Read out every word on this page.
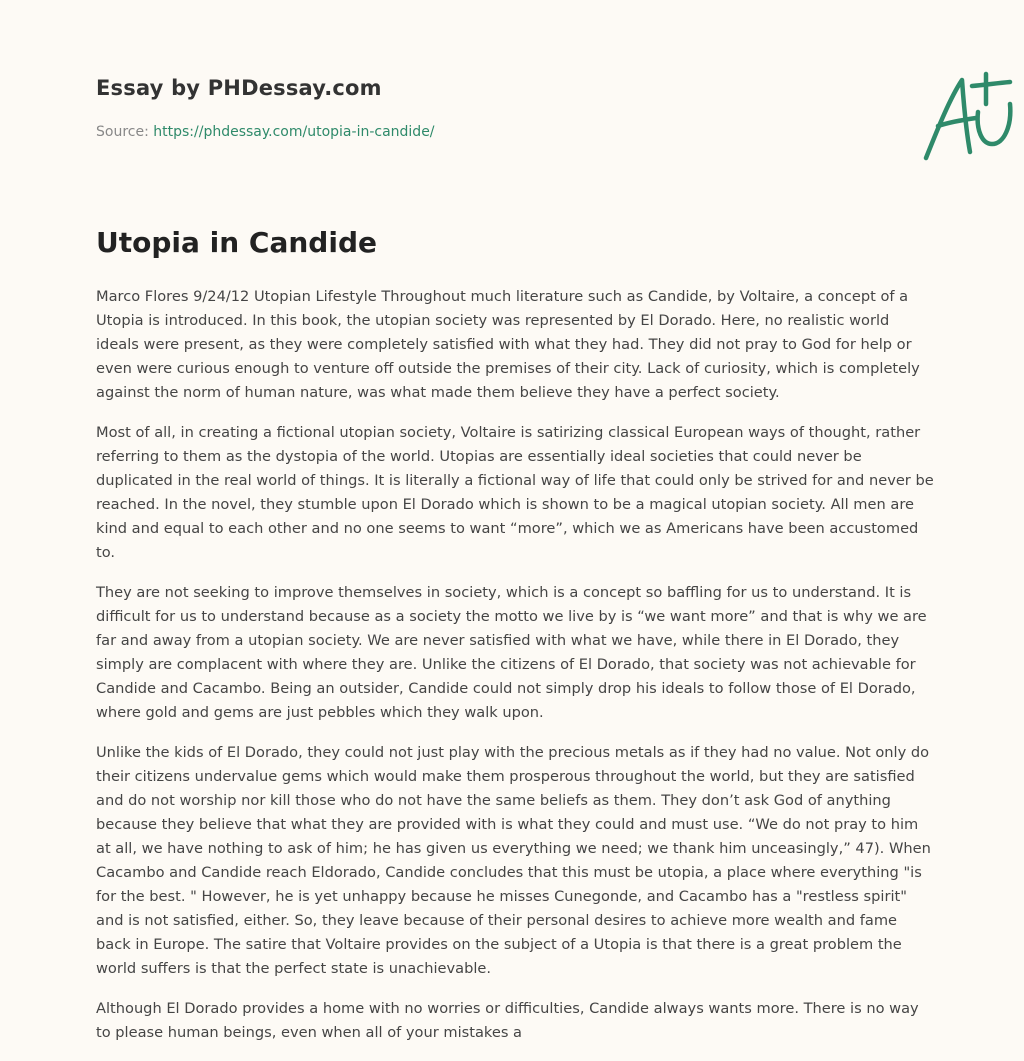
Essay by PHDessay.com
Source: https://phdessay.com/utopia-in-candide/
Utopia in Candide

Marco Flores 9/24/12 Utopian Lifestyle Throughout much literature such as Candide, by Voltaire, a concept of a Utopia is introduced. In this book, the utopian society was represented by El Dorado. Here, no realistic world ideals were present, as they were completely satisfied with what they had. They did not pray to God for help or even were curious enough to venture off outside the premises of their city. Lack of curiosity, which is completely against the norm of human nature, was what made them believe they have a perfect society.

Most of all, in creating a fictional utopian society, Voltaire is satirizing classical European ways of thought, rather referring to them as the dystopia of the world. Utopias are essentially ideal societies that could never be duplicated in the real world of things. It is literally a fictional way of life that could only be strived for and never be reached. In the novel, they stumble upon El Dorado which is shown to be a magical utopian society. All men are kind and equal to each other and no one seems to want “more”, which we as Americans have been accustomed to.

They are not seeking to improve themselves in society, which is a concept so baffling for us to understand. It is difficult for us to understand because as a society the motto we live by is “we want more” and that is why we are far and away from a utopian society. We are never satisfied with what we have, while there in El Dorado, they simply are complacent with where they are. Unlike the citizens of El Dorado, that society was not achievable for Candide and Cacambo. Being an outsider, Candide could not simply drop his ideals to follow those of El Dorado, where gold and gems are just pebbles which they walk upon.

Unlike the kids of El Dorado, they could not just play with the precious metals as if they had no value. Not only do their citizens undervalue gems which would make them prosperous throughout the world, but they are satisfied and do not worship nor kill those who do not have the same beliefs as them. They don’t ask God of anything because they believe that what they are provided with is what they could and must use. “We do not pray to him at all, we have nothing to ask of him; he has given us everything we need; we thank him unceasingly,” 47). When Cacambo and Candide reach Eldorado, Candide concludes that this must be utopia, a place where everything "is for the best. " However, he is yet unhappy because he misses Cunegonde, and Cacambo has a "restless spirit" and is not satisfied, either. So, they leave because of their personal desires to achieve more wealth and fame back in Europe. The satire that Voltaire provides on the subject of a Utopia is that there is a great problem the world suffers is that the perfect state is unachievable.

Although El Dorado provides a home with no worries or difficulties, Candide always wants more. There is no way to please human beings, even when all of your mistakes a
